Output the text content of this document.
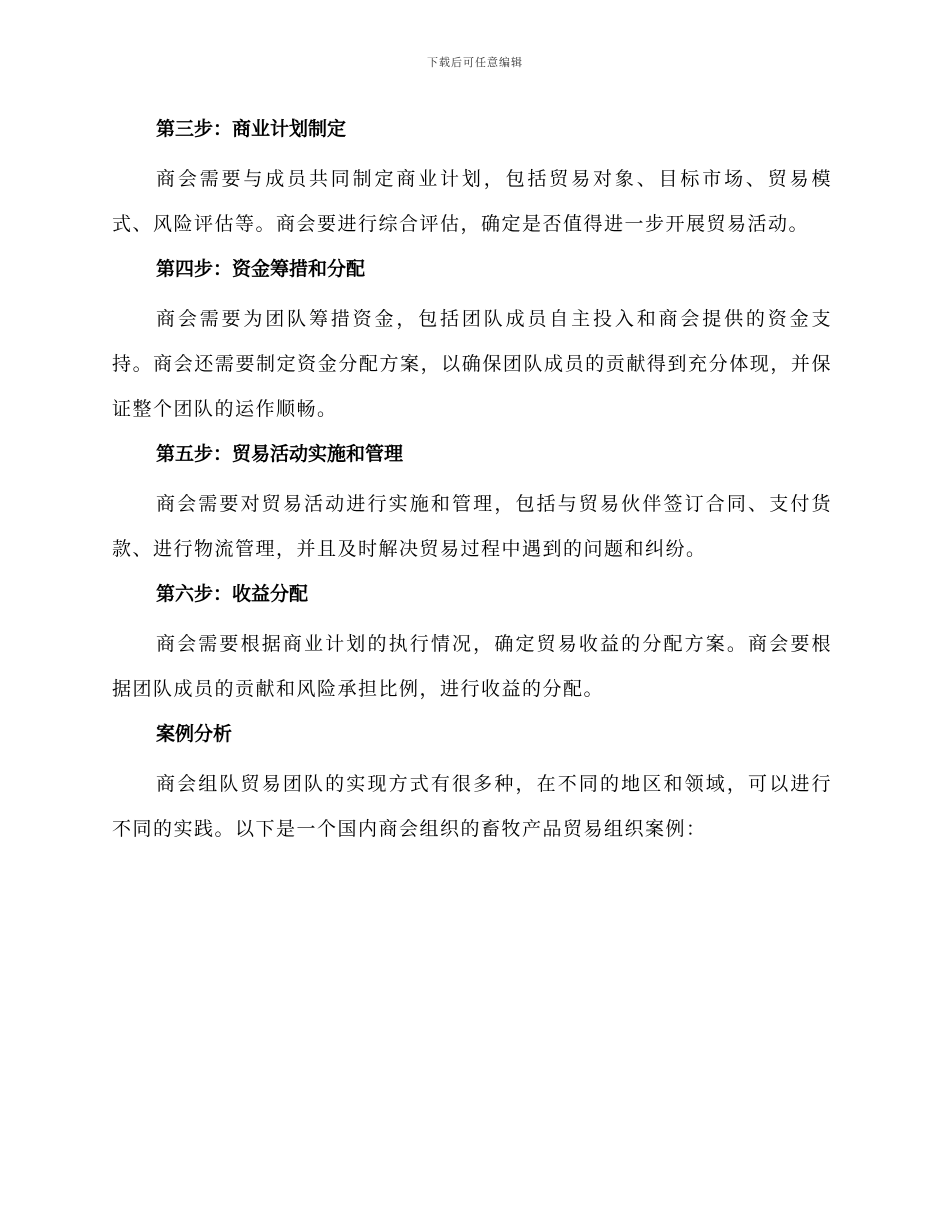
下载后可任意编辑
第三步：商业计划制定
商会需要与成员共同制定商业计划，包括贸易对象、目标市场、贸易模式、风险评估等。商会要进行综合评估，确定是否值得进一步开展贸易活动。
第四步：资金筹措和分配
商会需要为团队筹措资金，包括团队成员自主投入和商会提供的资金支持。商会还需要制定资金分配方案，以确保团队成员的贡献得到充分体现，并保证整个团队的运作顺畅。
第五步：贸易活动实施和管理
商会需要对贸易活动进行实施和管理，包括与贸易伙伴签订合同、支付货款、进行物流管理，并且及时解决贸易过程中遇到的问题和纠纷。
第六步：收益分配
商会需要根据商业计划的执行情况，确定贸易收益的分配方案。商会要根据团队成员的贡献和风险承担比例，进行收益的分配。
案例分析
商会组队贸易团队的实现方式有很多种，在不同的地区和领域，可以进行不同的实践。以下是一个国内商会组织的畜牧产品贸易组织案例：
